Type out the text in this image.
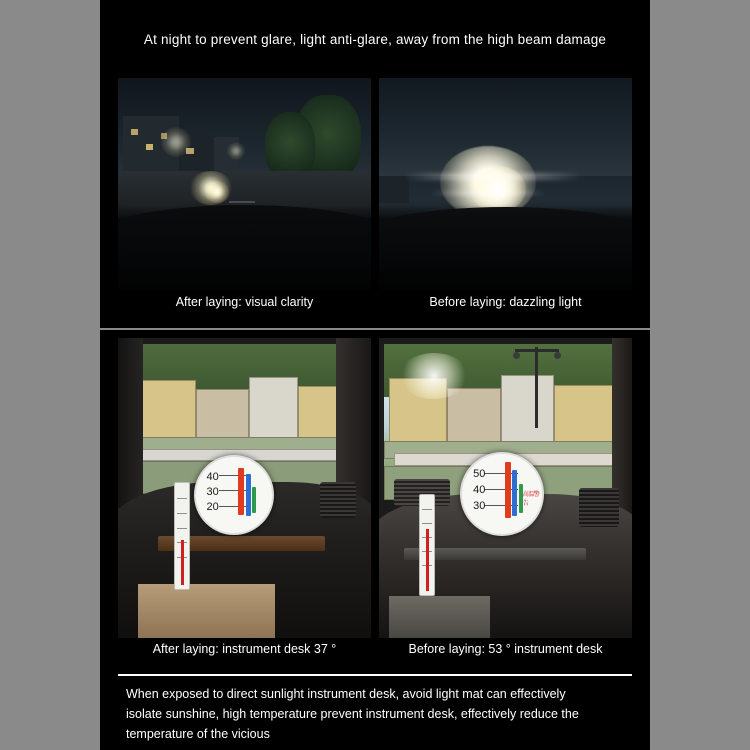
At night to prevent glare, light anti-glare, away from the high beam damage
After laying: visual clarity	Before laying: dazzling light
40
30
20
50
40
30
高温警告
After laying: instrument desk 37 °	Before laying: 53 ° instrument desk
When exposed to direct sunlight instrument desk, avoid light mat can effectively
isolate sunshine, high temperature prevent instrument desk, effectively reduce the
temperature of the vicious
